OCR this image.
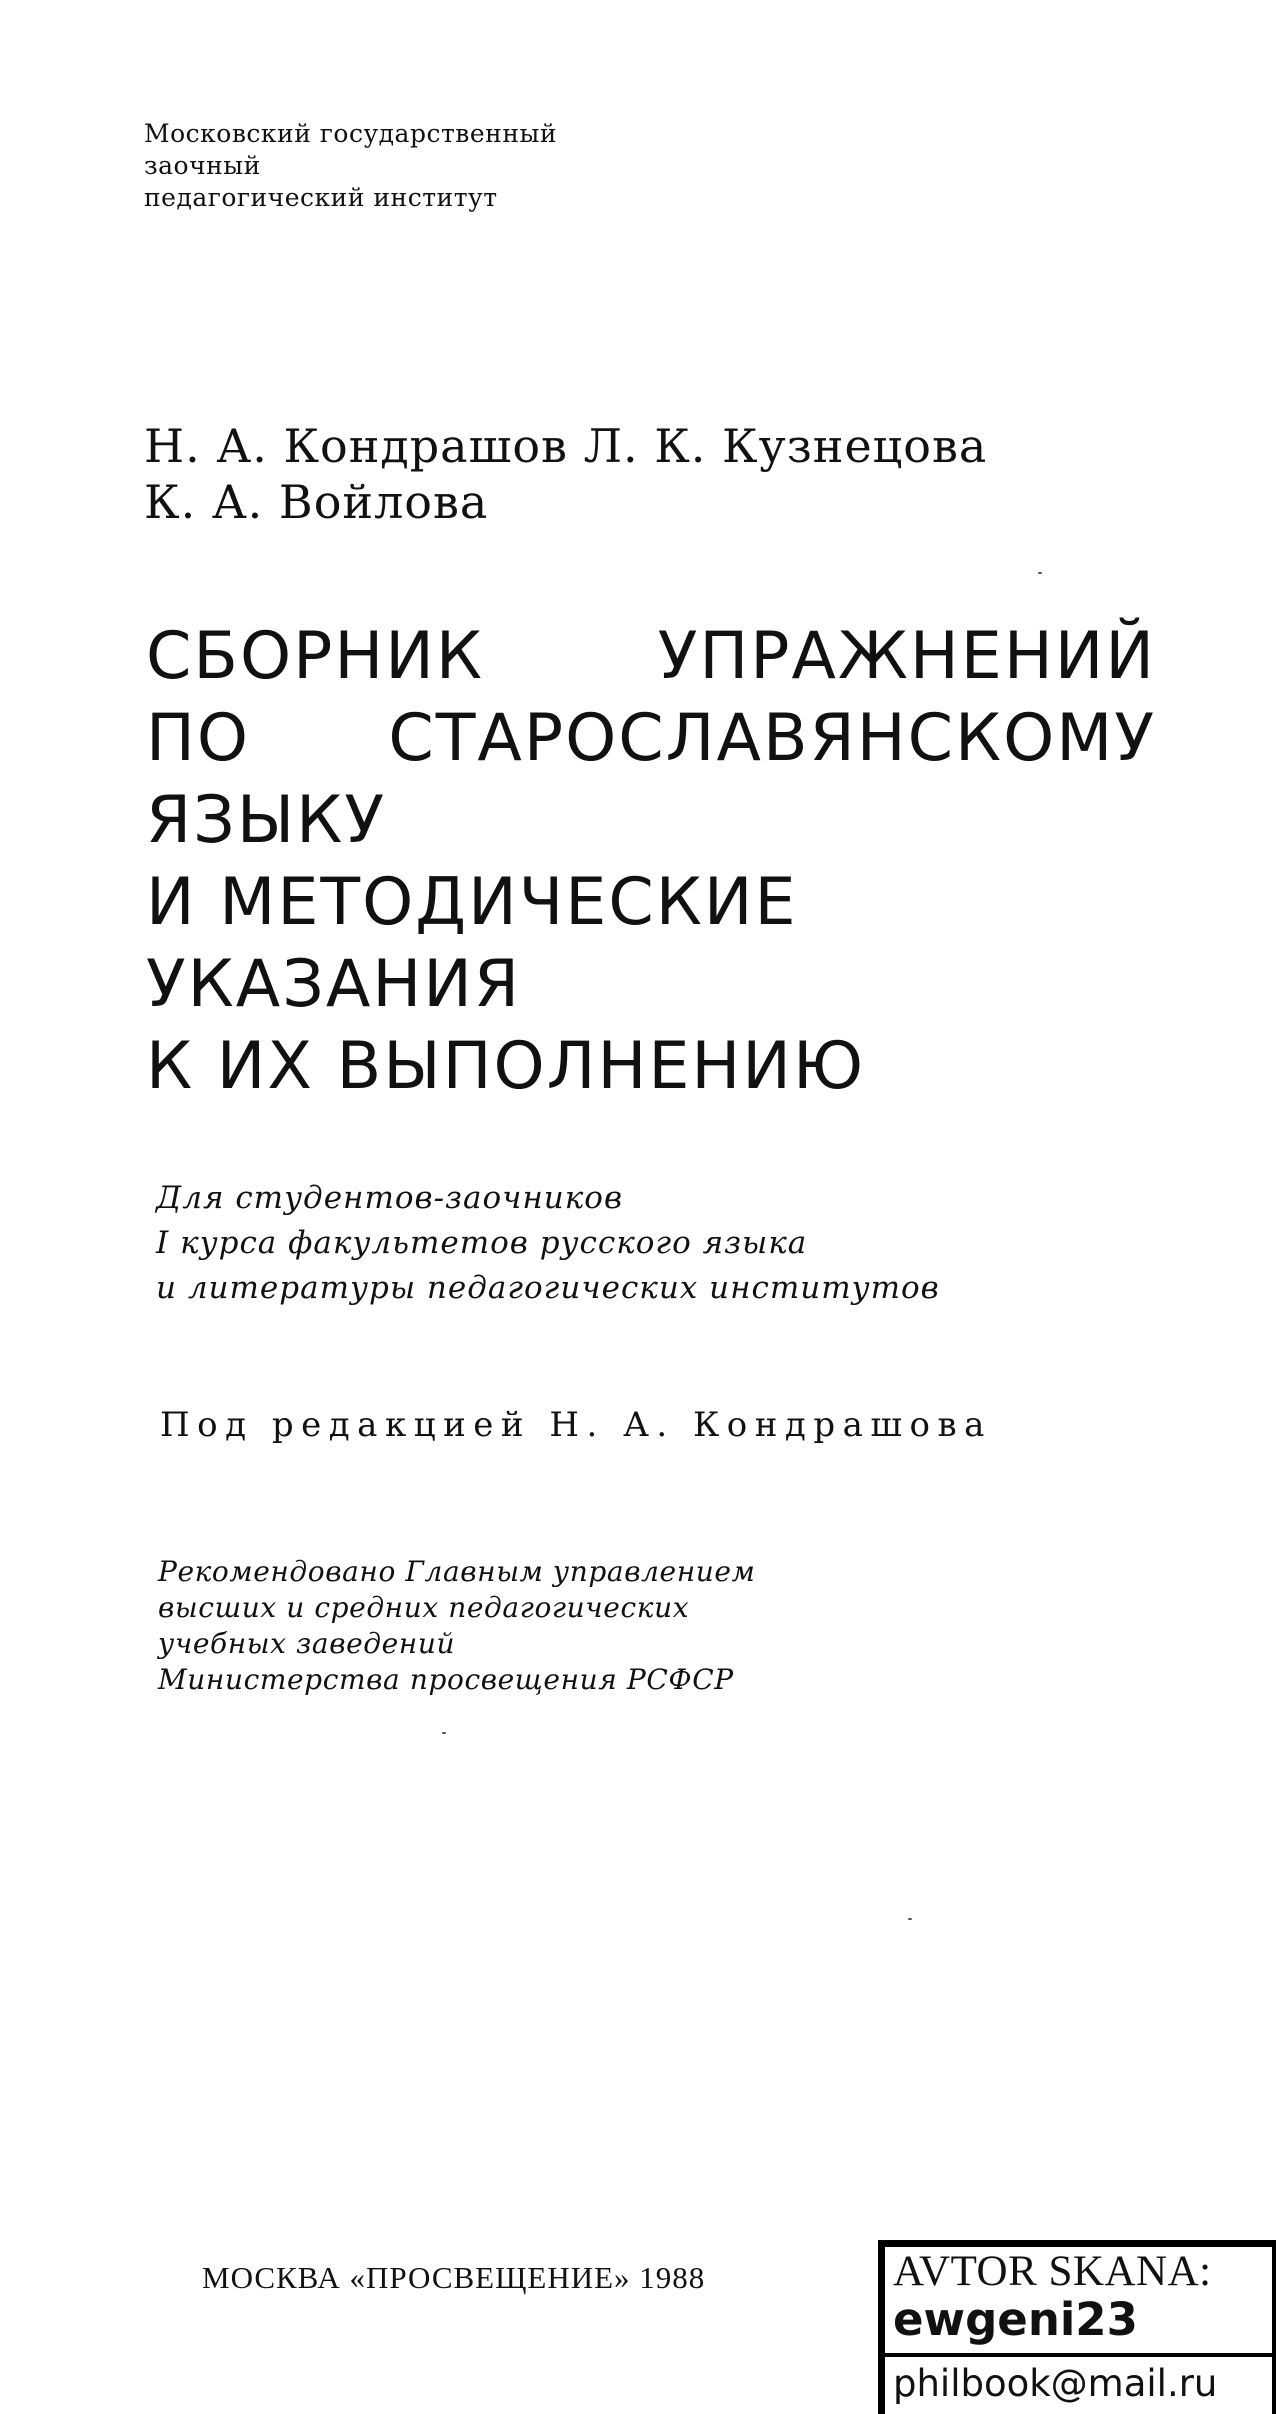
Московский государственный
заочный
педагогический институт
Н. А. Кондрашов Л. К. Кузнецова
К. А. Войлова
СБОРНИК	УПРАЖНЕНИЙ
ПО СТАРОСЛАВЯНСКОМУ
ЯЗЫКУ
И МЕТОДИЧЕСКИЕ
УКАЗАНИЯ
К ИХ ВЫПОЛНЕНИЮ
Для студентов-заочников
I курса факультетов русского языка
и литературы педагогических институтов
Под редакцией Н. А. Кондрашова
Рекомендовано Главным управлением
высших и средних педагогических
учебных заведений
Министерства просвещения РСФСР
МОСКВА «ПРОСВЕЩЕНИЕ» 1988	AVTOR SKANA:
ewgeni23
philbook@mail.ru
